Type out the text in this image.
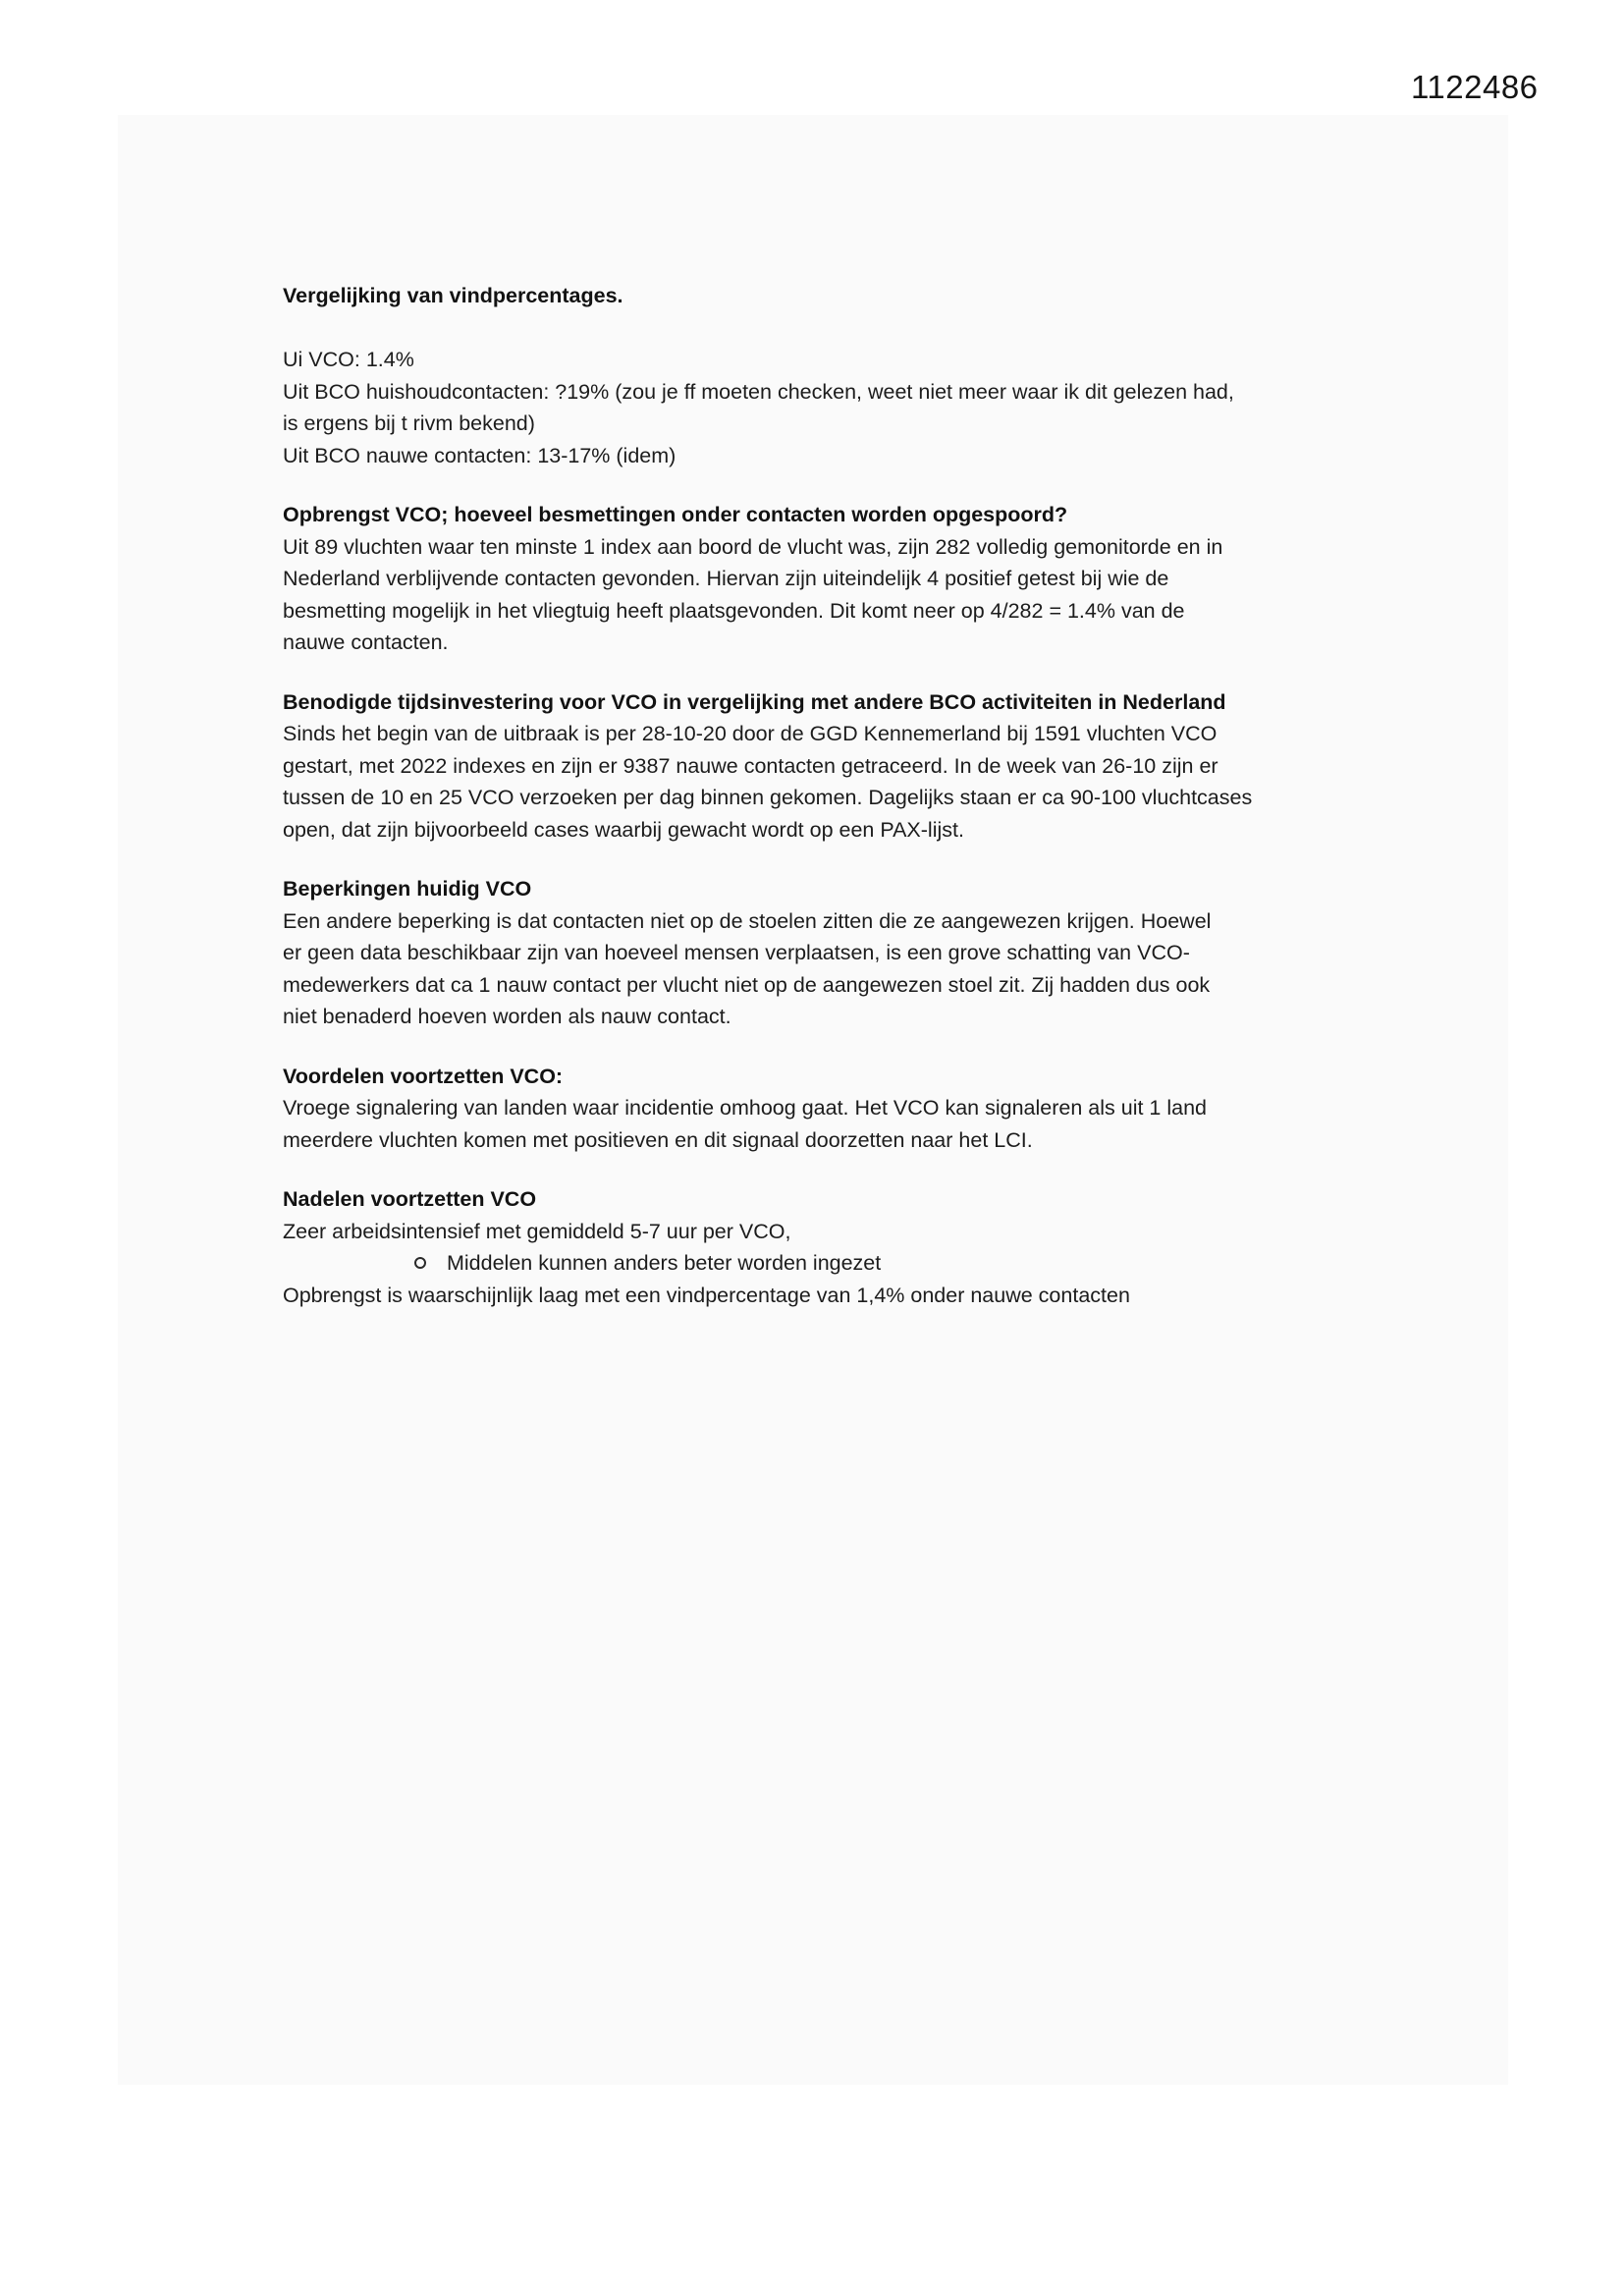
1122486
Vergelijking van vindpercentages.
Ui VCO: 1.4%
Uit BCO huishoudcontacten: ?19% (zou je ff moeten checken, weet niet meer waar ik dit gelezen had,
is ergens bij t rivm bekend)
Uit BCO nauwe contacten: 13-17% (idem)
Opbrengst VCO; hoeveel besmettingen onder contacten worden opgespoord?
Uit 89 vluchten waar ten minste 1 index aan boord de vlucht was, zijn 282 volledig gemonitorde en in
Nederland verblijvende contacten gevonden. Hiervan zijn uiteindelijk 4 positief getest bij wie de
besmetting mogelijk in het vliegtuig heeft plaatsgevonden. Dit komt neer op 4/282 = 1.4% van de
nauwe contacten.
Benodigde tijdsinvestering voor VCO in vergelijking met andere BCO activiteiten in Nederland
Sinds het begin van de uitbraak is per 28-10-20 door de GGD Kennemerland bij 1591 vluchten VCO
gestart, met 2022 indexes en zijn er 9387 nauwe contacten getraceerd. In de week van 26-10 zijn er
tussen de 10 en 25 VCO verzoeken per dag binnen gekomen. Dagelijks staan er ca 90-100 vluchtcases
open, dat zijn bijvoorbeeld cases waarbij gewacht wordt op een PAX-lijst.
Beperkingen huidig VCO
Een andere beperking is dat contacten niet op de stoelen zitten die ze aangewezen krijgen. Hoewel
er geen data beschikbaar zijn van hoeveel mensen verplaatsen, is een grove schatting van VCO-
medewerkers dat ca 1 nauw contact per vlucht niet op de aangewezen stoel zit. Zij hadden dus ook
niet benaderd hoeven worden als nauw contact.
Voordelen voortzetten VCO:
Vroege signalering van landen waar incidentie omhoog gaat. Het VCO kan signaleren als uit 1 land
meerdere vluchten komen met positieven en dit signaal doorzetten naar het LCI.
Nadelen voortzetten VCO
Zeer arbeidsintensief met gemiddeld 5-7 uur per VCO,
Middelen kunnen anders beter worden ingezet
Opbrengst is waarschijnlijk laag met een vindpercentage van 1,4% onder nauwe contacten
